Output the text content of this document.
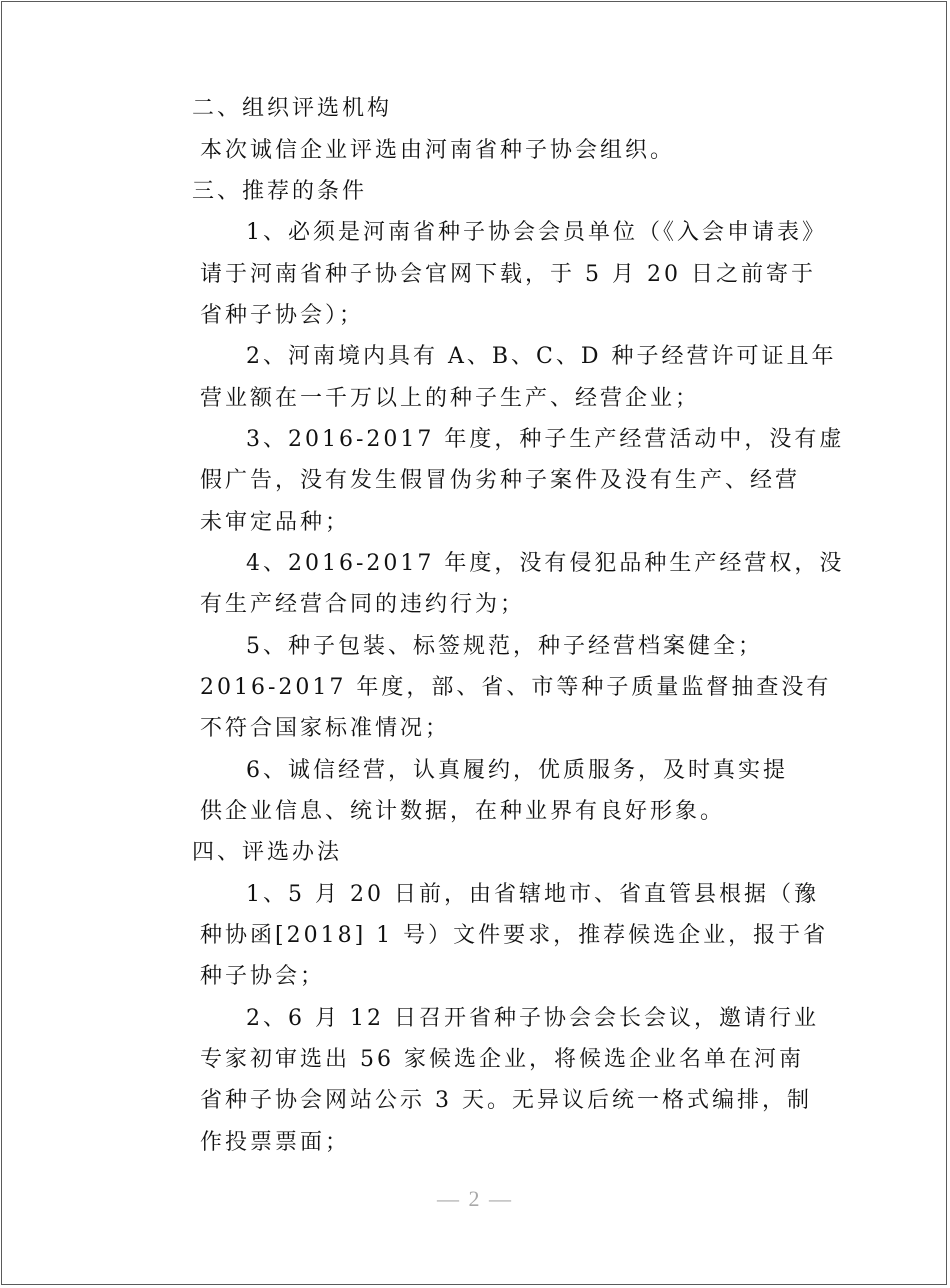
二、组织评选机构
本次诚信企业评选由河南省种子协会组织。
三、推荐的条件
1、必须是河南省种子协会会员单位（《入会申请表》
请于河南省种子协会官网下载，于 5 月 20 日之前寄于
省种子协会）；
2、河南境内具有 A、B、C、D 种子经营许可证且年
营业额在一千万以上的种子生产、经营企业；
3、2016-2017 年度，种子生产经营活动中，没有虚
假广告，没有发生假冒伪劣种子案件及没有生产、经营
未审定品种；
4、2016-2017 年度，没有侵犯品种生产经营权，没
有生产经营合同的违约行为；
5、种子包装、标签规范，种子经营档案健全；
2016-2017 年度，部、省、市等种子质量监督抽查没有
不符合国家标准情况；
6、诚信经营，认真履约，优质服务，及时真实提
供企业信息、统计数据，在种业界有良好形象。
四、评选办法
1、5 月 20 日前，由省辖地市、省直管县根据（豫
种协函[2018] 1 号）文件要求，推荐候选企业，报于省
种子协会；
2、6 月 12 日召开省种子协会会长会议，邀请行业
专家初审选出 56 家候选企业，将候选企业名单在河南
省种子协会网站公示 3 天。无异议后统一格式编排，制
作投票票面；
— 2 —
